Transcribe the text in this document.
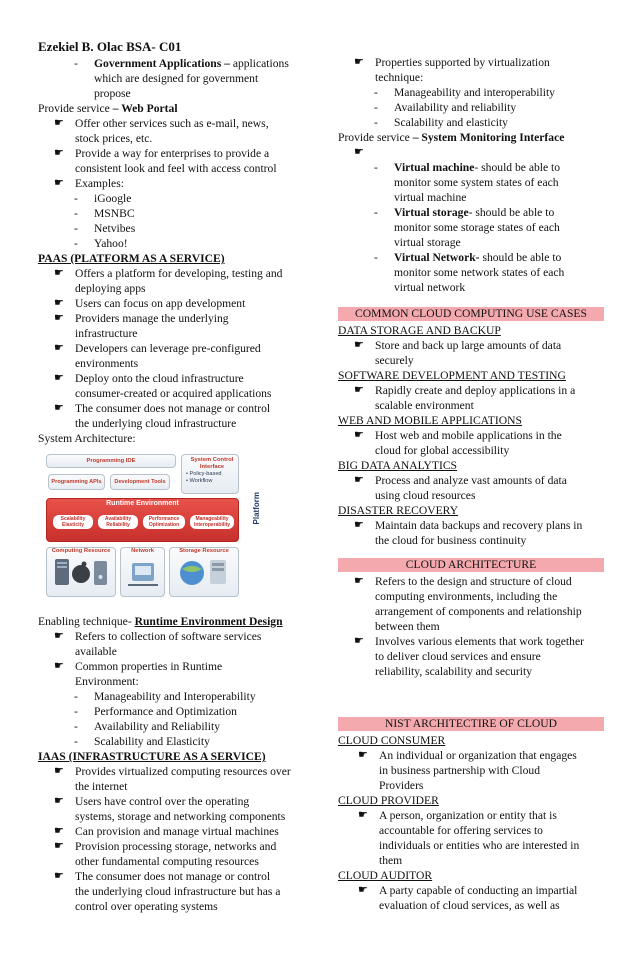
Ezekiel B. Olac BSA- C01
-	Government Applications – applications
which are designed for government
propose
Provide service – Web Portal
☛ Offer other services such as e-mail, news,
stock prices, etc.
☛ Provide a way for enterprises to provide a
consistent look and feel with access control
☛ Examples:
-	iGoogle
-	MSNBC
-	Netvibes
-	Yahoo!
PAAS (PLATFORM AS A SERVICE)
☛ Offers a platform for developing, testing and
deploying apps
☛ Users can focus on app development
☛ Providers manage the underlying
infrastructure
☛ Developers can leverage pre-configured
environments
☛ Deploy onto the cloud infrastructure
consumer-created or acquired applications
☛ The consumer does not manage or control
the underlying cloud infrastructure
System Architecture:
Programming IDE	System Control Interface
• Policy-based
• Workflow
Programming APIs	Development Tools
Runtime Environment
Scalability Elasticity
Availability Reliability
Performance Optimization
Manageability Interoperability
Computing Resource	Network	Storage Resource
Platform
Enabling technique- Runtime Environment Design
☛ Refers to collection of software services
available
☛ Common properties in Runtime
Environment:
-	Manageability and Interoperability
-	Performance and Optimization
-	Availability and Reliability
-	Scalability and Elasticity
IAAS (INFRASTRUCTURE AS A SERVICE)
☛ Provides virtualized computing resources over
the internet
☛ Users have control over the operating
systems, storage and networking components
☛ Can provision and manage virtual machines
☛ Provision processing storage, networks and
other fundamental computing resources
☛ The consumer does not manage or control
the underlying cloud infrastructure but has a
control over operating systems
☛ Properties supported by virtualization
technique:
-	Manageability and interoperability
-	Availability and reliability
-	Scalability and elasticity
Provide service – System Monitoring Interface
☛
-	Virtual machine- should be able to
monitor some system states of each
virtual machine
-	Virtual storage- should be able to
monitor some storage states of each
virtual storage
-	Virtual Network- should be able to
monitor some network states of each
virtual network
COMMON CLOUD COMPUTING USE CASES
DATA STORAGE AND BACKUP
☛ Store and back up large amounts of data
securely
SOFTWARE DEVELOPMENT AND TESTING
☛ Rapidly create and deploy applications in a
scalable environment
WEB AND MOBILE APPLICATIONS
☛ Host web and mobile applications in the
cloud for global accessibility
BIG DATA ANALYTICS
☛ Process and analyze vast amounts of data
using cloud resources
DISASTER RECOVERY
☛ Maintain data backups and recovery plans in
the cloud for business continuity
CLOUD ARCHITECTURE
☛ Refers to the design and structure of cloud
computing environments, including the
arrangement of components and relationship
between them
☛ Involves various elements that work together
to deliver cloud services and ensure
reliability, scalability and security
NIST ARCHITECTIRE OF CLOUD
CLOUD CONSUMER
☛ An individual or organization that engages
in business partnership with Cloud
Providers
CLOUD PROVIDER
☛ A person, organization or entity that is
accountable for offering services to
individuals or entities who are interested in
them
CLOUD AUDITOR
☛ A party capable of conducting an impartial
evaluation of cloud services, as well as
